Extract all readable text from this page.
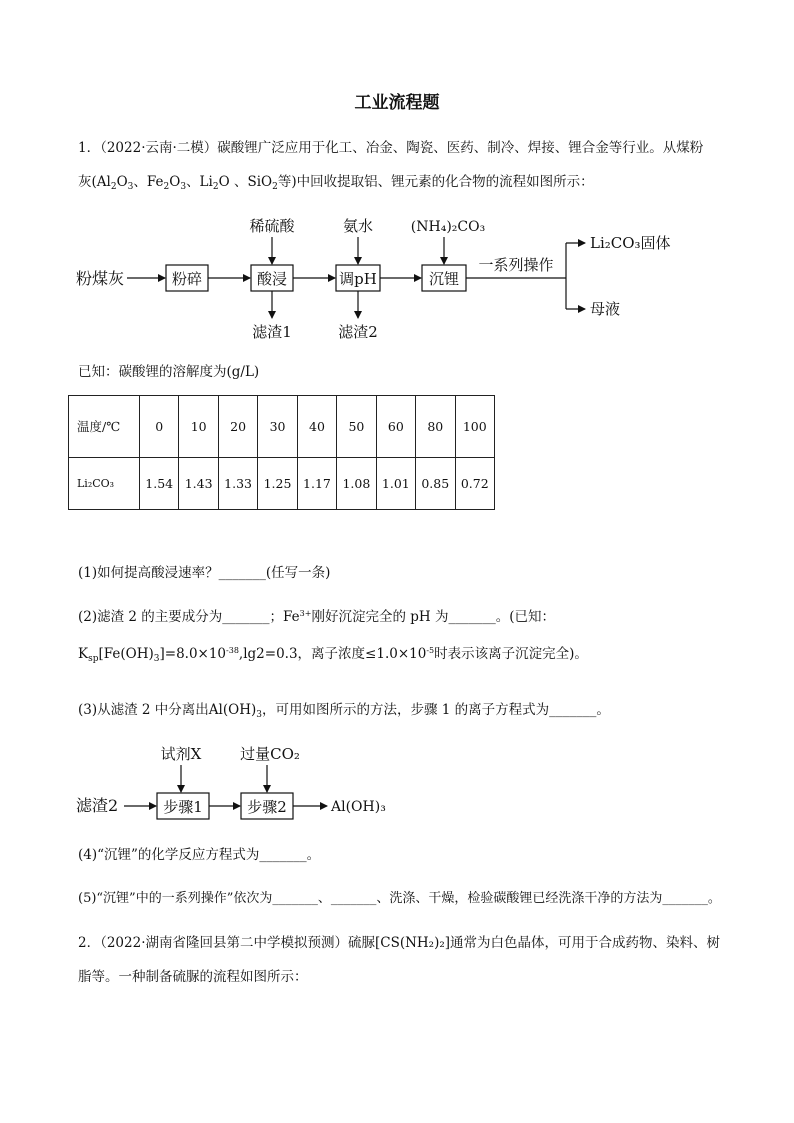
工业流程题
1．（2022·云南·二模）碳酸锂广泛应用于化工、冶金、陶瓷、医药、制冷、焊接、锂合金等行业。从煤粉
灰($Al_2O_3$、$Fe_2O_3$、$Li_2O$ 、SiO$_2$等)中回收提取铝、锂元素的化合物的流程如图所示：
粉煤灰	粉碎	酸浸	调pH	沉锂
一系列操作
Li₂CO₃固体
母液
稀硫酸	氨水	(NH₄)₂CO₃
滤渣1	滤渣2
已知：碳酸锂的溶解度为(g/L)
温度/℃	0	10	20	30	40	50	60	80	100
Li₂CO₃	1.54	1.43	1.33	1.25	1.17	1.08	1.01	0.85	0.72
(1)如何提高酸浸速率？_______(任写一条)
(2)滤渣 2 的主要成分为_______；$Fe^{3+}$刚好沉淀完全的 pH 为_______。(已知：
$K_{sp}[Fe(OH)_3]=8.0\times 10^{-38},\lg 2=0.3$，离子浓度$\le 1.0\times 10^{-5}$时表示该离子沉淀完全)。
(3)从滤渣 2 中分离出$Al(OH)_3$，可用如图所示的方法，步骤 1 的离子方程式为_______。
滤渣2	步骤1	步骤2	Al(OH)₃
试剂X	过量CO₂
(4)“沉锂”的化学反应方程式为_______。
(5)“沉锂”中的一系列操作”依次为_______、_______、洗涤、干燥，检验碳酸锂已经洗涤干净的方法为_______。
2．（2022·湖南省隆回县第二中学模拟预测）硫脲[CS(NH₂)₂]通常为白色晶体，可用于合成药物、染料、树
脂等。一种制备硫脲的流程如图所示：
